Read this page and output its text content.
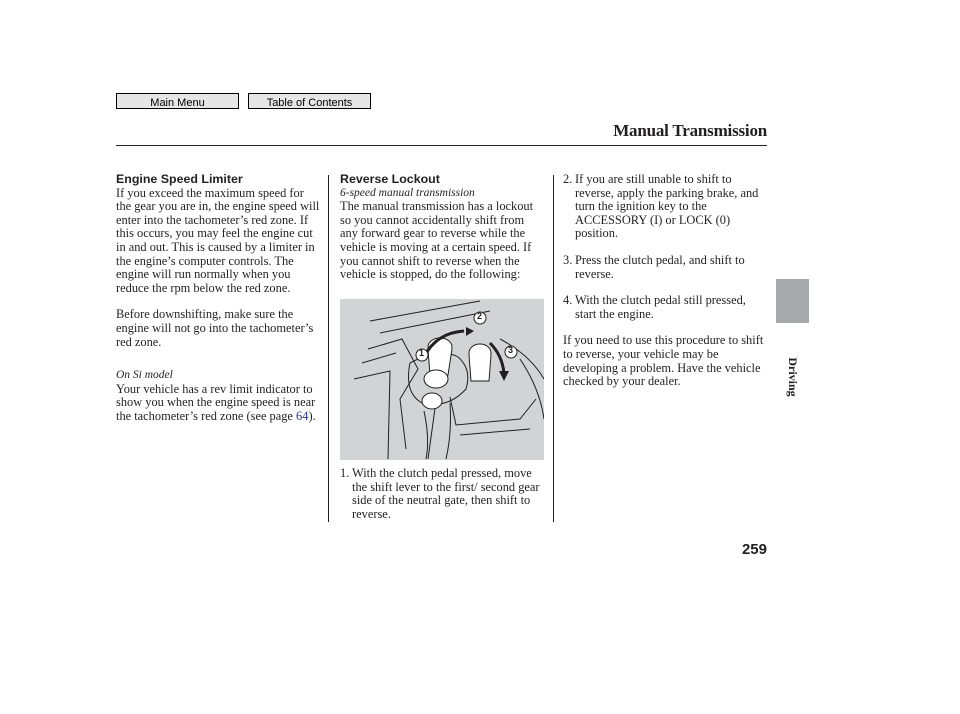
Main Menu	Table of Contents
Manual Transmission
Driving
259
Engine Speed Limiter

If you exceed the maximum speed for the gear you are in, the engine speed will enter into the tachometer’s red zone. If this occurs, you may feel the engine cut in and out. This is caused by a limiter in the engine’s computer controls. The engine will run normally when you reduce the rpm below the red zone.

Before downshifting, make sure the engine will not go into the tachometer’s red zone.

On Si model

Your vehicle has a rev limit indicator to show you when the engine speed is near the tachometer’s red zone (see page 64).

Reverse Lockout
6-speed manual transmission

The manual transmission has a lockout so you cannot accidentally shift from any forward gear to reverse while the vehicle is moving at a certain speed. If you cannot shift to reverse when the vehicle is stopped, do the following:

1
2
3
1. With the clutch pedal pressed, move the shift lever to the first/ second gear side of the neutral gate, then shift to reverse.
2. If you are still unable to shift to reverse, apply the parking brake, and turn the ignition key to the ACCESSORY (I) or LOCK (0) position.
3. Press the clutch pedal, and shift to reverse.
4. With the clutch pedal still pressed, start the engine.

If you need to use this procedure to shift to reverse, your vehicle may be developing a problem. Have the vehicle checked by your dealer.
